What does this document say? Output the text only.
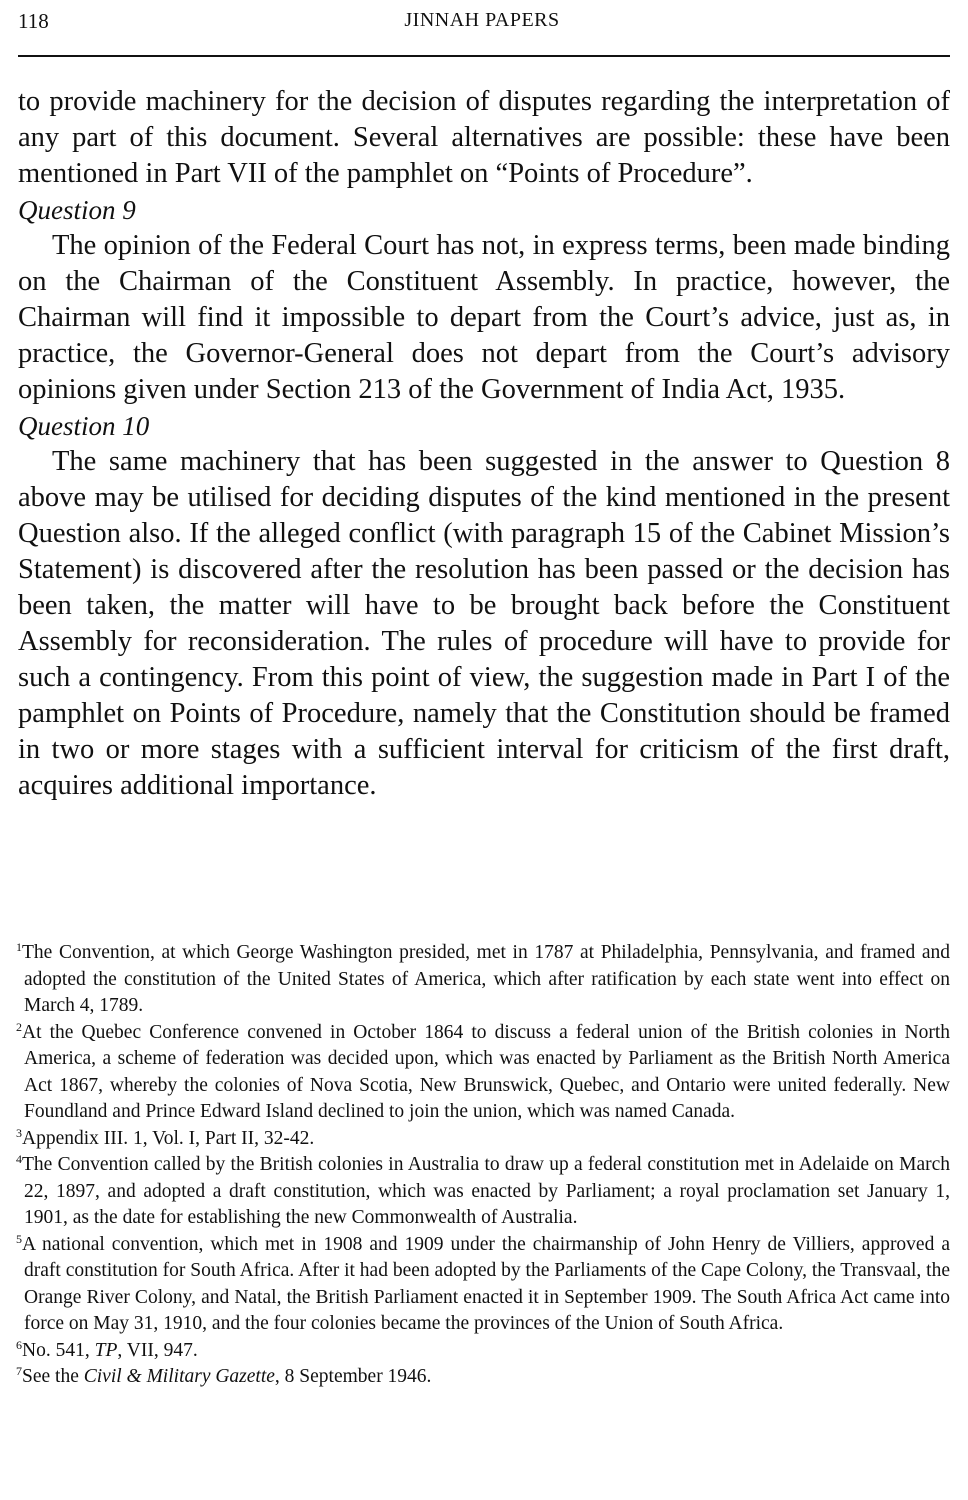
118	JINNAH PAPERS

to provide machinery for the decision of disputes regarding the interpretation of any part of this document. Several alternatives are possible: these have been mentioned in Part VII of the pamphlet on “Points of Procedure”.

Question 9

The opinion of the Federal Court has not, in express terms, been made binding on the Chairman of the Constituent Assembly. In practice, however, the Chairman will find it impossible to depart from the Court’s advice, just as, in practice, the Governor-General does not depart from the Court’s advisory opinions given under Section 213 of the Government of India Act, 1935.

Question 10

The same machinery that has been suggested in the answer to Question 8 above may be utilised for deciding disputes of the kind mentioned in the present Question also. If the alleged conflict (with paragraph 15 of the Cabinet Mission’s Statement) is discovered after the resolution has been passed or the decision has been taken, the matter will have to be brought back before the Constituent Assembly for reconsideration. The rules of procedure will have to provide for such a contingency. From this point of view, the suggestion made in Part I of the pamphlet on Points of Procedure, namely that the Constitution should be framed in two or more stages with a sufficient interval for criticism of the first draft, acquires additional importance.

$^1$The Convention, at which George Washington presided, met in 1787 at Philadelphia, Pennsylvania, and framed and adopted the constitution of the United States of America, which after ratification by each state went into effect on March 4, 1789.

$^2$At the Quebec Conference convened in October 1864 to discuss a federal union of the British colonies in North America, a scheme of federation was decided upon, which was enacted by Parliament as the British North America Act 1867, whereby the colonies of Nova Scotia, New Brunswick, Quebec, and Ontario were united federally. New Foundland and Prince Edward Island declined to join the union, which was named Canada.

$^3$Appendix III. 1, Vol. I, Part II, 32-42.

$^4$The Convention called by the British colonies in Australia to draw up a federal constitution met in Adelaide on March 22, 1897, and adopted a draft constitution, which was enacted by Parliament; a royal proclamation set January 1, 1901, as the date for establishing the new Commonwealth of Australia.

$^5$A national convention, which met in 1908 and 1909 under the chairmanship of John Henry de Villiers, approved a draft constitution for South Africa. After it had been adopted by the Parliaments of the Cape Colony, the Transvaal, the Orange River Colony, and Natal, the British Parliament enacted it in September 1909. The South Africa Act came into force on May 31, 1910, and the four colonies became the provinces of the Union of South Africa.

$^6$No. 541, TP, VII, 947.

$^7$See the Civil & Military Gazette, 8 September 1946.
